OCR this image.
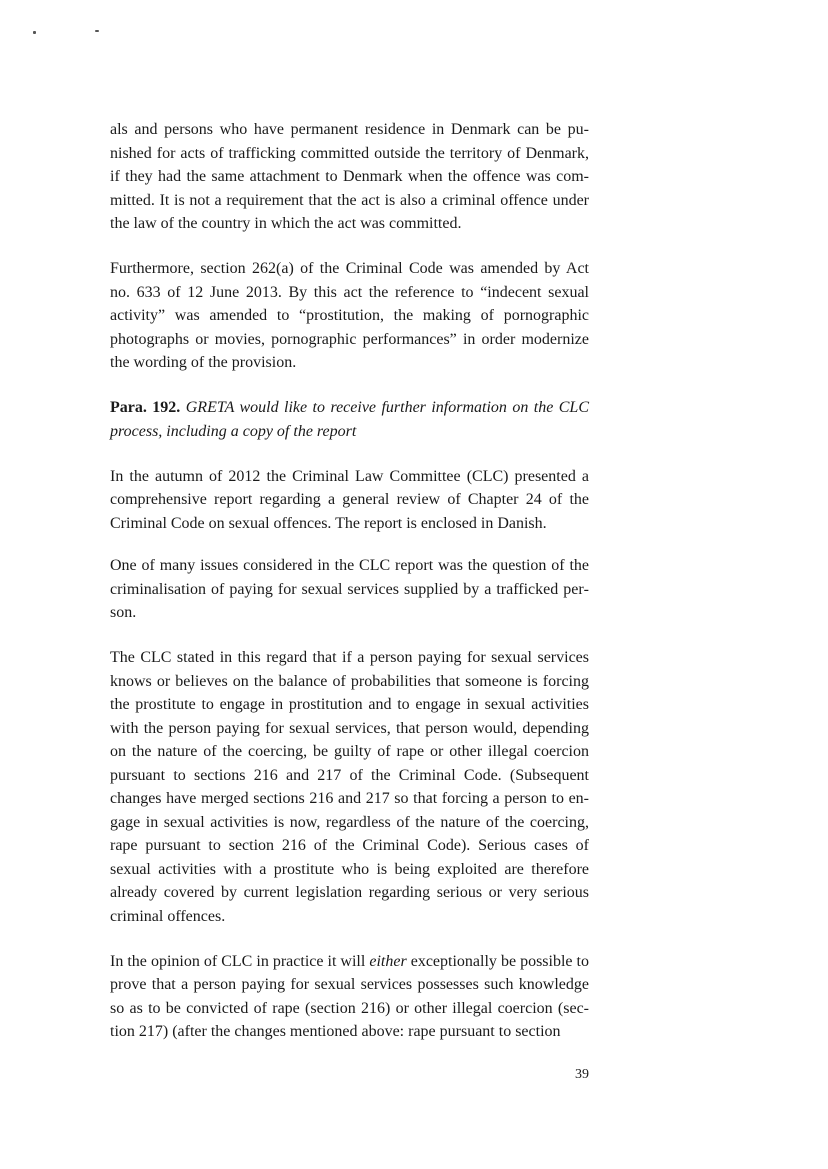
als and persons who have permanent residence in Denmark can be punished for acts of trafficking committed outside the territory of Denmark, if they had the same attachment to Denmark when the offence was committed. It is not a requirement that the act is also a criminal offence under the law of the country in which the act was committed.

Furthermore, section 262(a) of the Criminal Code was amended by Act no. 633 of 12 June 2013. By this act the reference to “indecent sexual activity” was amended to “prostitution, the making of pornographic photographs or movies, pornographic performances” in order modernize the wording of the provision.

Para. 192. GRETA would like to receive further information on the CLC process, including a copy of the report

In the autumn of 2012 the Criminal Law Committee (CLC) presented a comprehensive report regarding a general review of Chapter 24 of the Criminal Code on sexual offences. The report is enclosed in Danish.

One of many issues considered in the CLC report was the question of the criminalisation of paying for sexual services supplied by a trafficked person.

The CLC stated in this regard that if a person paying for sexual services knows or believes on the balance of probabilities that someone is forcing the prostitute to engage in prostitution and to engage in sexual activities with the person paying for sexual services, that person would, depending on the nature of the coercing, be guilty of rape or other illegal coercion pursuant to sections 216 and 217 of the Criminal Code. (Subsequent changes have merged sections 216 and 217 so that forcing a person to engage in sexual activities is now, regardless of the nature of the coercing, rape pursuant to section 216 of the Criminal Code). Serious cases of sexual activities with a prostitute who is being exploited are therefore already covered by current legislation regarding serious or very serious criminal offences.

In the opinion of CLC in practice it will either exceptionally be possible to prove that a person paying for sexual services possesses such knowledge so as to be convicted of rape (section 216) or other illegal coercion (section 217) (after the changes mentioned above: rape pursuant to section

39
